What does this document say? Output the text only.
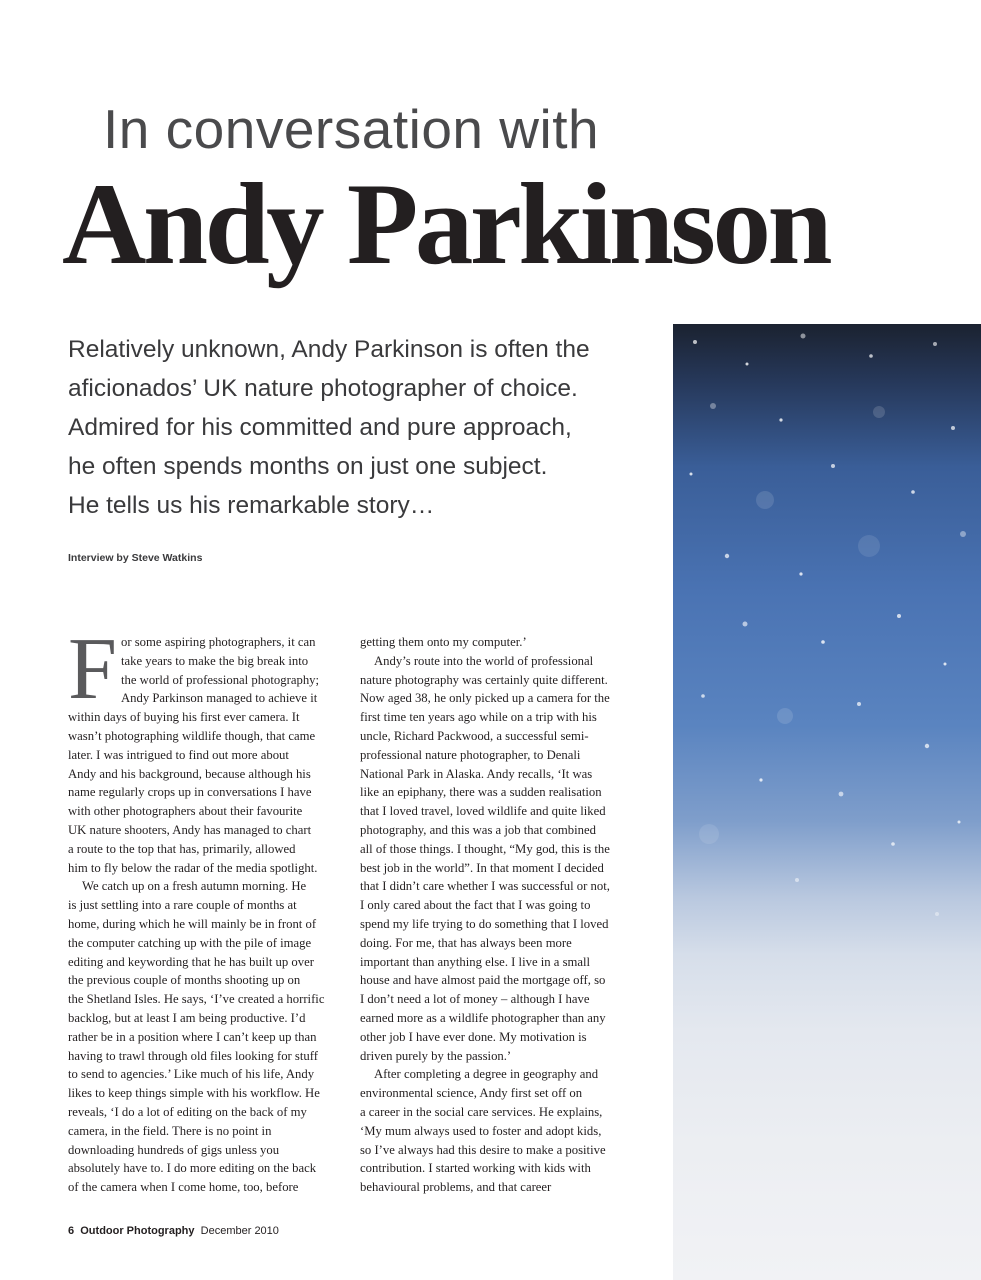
In conversation with
Andy Parkinson
Relatively unknown, Andy Parkinson is often the
aficionados’ UK nature photographer of choice.
Admired for his committed and pure approach,
he often spends months on just one subject.
He tells us his remarkable story…
Interview by Steve Watkins
F or some aspiring photographers, it can
take years to make the big break into
the world of professional photography;
Andy Parkinson managed to achieve it
within days of buying his first ever camera. It
wasn’t photographing wildlife though, that came
later. I was intrigued to find out more about
Andy and his background, because although his
name regularly crops up in conversations I have
with other photographers about their favourite
UK nature shooters, Andy has managed to chart
a route to the top that has, primarily, allowed
him to fly below the radar of the media spotlight.
We catch up on a fresh autumn morning. He
is just settling into a rare couple of months at
home, during which he will mainly be in front of
the computer catching up with the pile of image
editing and keywording that he has built up over
the previous couple of months shooting up on
the Shetland Isles. He says, ‘I’ve created a horrific
backlog, but at least I am being productive. I’d
rather be in a position where I can’t keep up than
having to trawl through old files looking for stuff
to send to agencies.’ Like much of his life, Andy
likes to keep things simple with his workflow. He
reveals, ‘I do a lot of editing on the back of my
camera, in the field. There is no point in
downloading hundreds of gigs unless you
absolutely have to. I do more editing on the back
of the camera when I come home, too, before
getting them onto my computer.’
Andy’s route into the world of professional
nature photography was certainly quite different.
Now aged 38, he only picked up a camera for the
first time ten years ago while on a trip with his
uncle, Richard Packwood, a successful semi-
professional nature photographer, to Denali
National Park in Alaska. Andy recalls, ‘It was
like an epiphany, there was a sudden realisation
that I loved travel, loved wildlife and quite liked
photography, and this was a job that combined
all of those things. I thought, “My god, this is the
best job in the world”. In that moment I decided
that I didn’t care whether I was successful or not,
I only cared about the fact that I was going to
spend my life trying to do something that I loved
doing. For me, that has always been more
important than anything else. I live in a small
house and have almost paid the mortgage off, so
I don’t need a lot of money – although I have
earned more as a wildlife photographer than any
other job I have ever done. My motivation is
driven purely by the passion.’
After completing a degree in geography and
environmental science, Andy first set off on
a career in the social care services. He explains,
‘My mum always used to foster and adopt kids,
so I’ve always had this desire to make a positive
contribution. I started working with kids with
behavioural problems, and that career
6 Outdoor Photography December 2010
